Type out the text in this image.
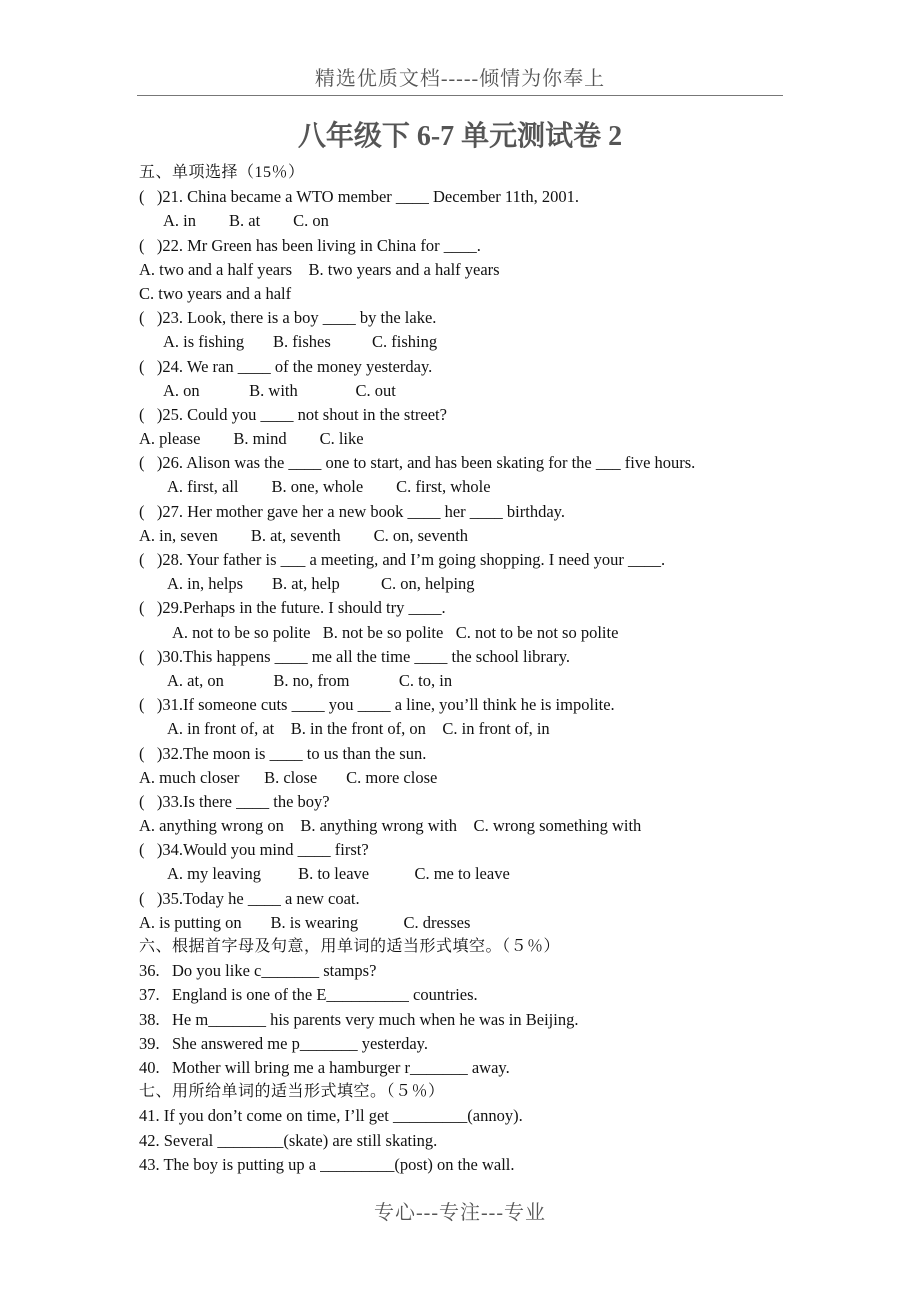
精选优质文档-----倾情为你奉上
八年级下 6-7 单元测试卷 2
五、单项选择（15％）
(   )21. China became a WTO member ____ December 11th, 2001.
A. in        B. at        C. on
(   )22. Mr Green has been living in China for ____.
A. two and a half years    B. two years and a half years
C. two years and a half
(   )23. Look, there is a boy ____ by the lake.
A. is fishing       B. fishes          C. fishing
(   )24. We ran ____ of the money yesterday.
A. on            B. with              C. out
(   )25. Could you ____ not shout in the street?
A. please        B. mind        C. like
(   )26. Alison was the ____ one to start, and has been skating for the ___ five hours.
A. first, all        B. one, whole        C. first, whole
(   )27. Her mother gave her a new book ____ her ____ birthday.
A. in, seven        B. at, seventh        C. on, seventh
(   )28. Your father is ___ a meeting, and I’m going shopping. I need your ____.
A. in, helps       B. at, help          C. on, helping
(   )29.Perhaps in the future. I should try ____.
A. not to be so polite   B. not be so polite   C. not to be not so polite
(   )30.This happens ____ me all the time ____ the school library.
A. at, on            B. no, from            C. to, in
(   )31.If someone cuts ____ you ____ a line, you’ll think he is impolite.
A. in front of, at    B. in the front of, on    C. in front of, in
(   )32.The moon is ____ to us than the sun.
A. much closer      B. close       C. more close
(   )33.Is there ____ the boy?
A. anything wrong on    B. anything wrong with    C. wrong something with
(   )34.Would you mind ____ first?
A. my leaving         B. to leave           C. me to leave
(   )35.Today he ____ a new coat.
A. is putting on       B. is wearing           C. dresses
六、根据首字母及句意，用单词的适当形式填空。（５％）
36.   Do you like c_______ stamps?
37.   England is one of the E__________ countries.
38.   He m_______ his parents very much when he was in Beijing.
39.   She answered me p_______ yesterday.
40.   Mother will bring me a hamburger r_______ away.
七、用所给单词的适当形式填空。（５％）
41. If you don’t come on time, I’ll get _________(annoy).
42. Several ________(skate) are still skating.
43. The boy is putting up a _________(post) on the wall.
专心---专注---专业
